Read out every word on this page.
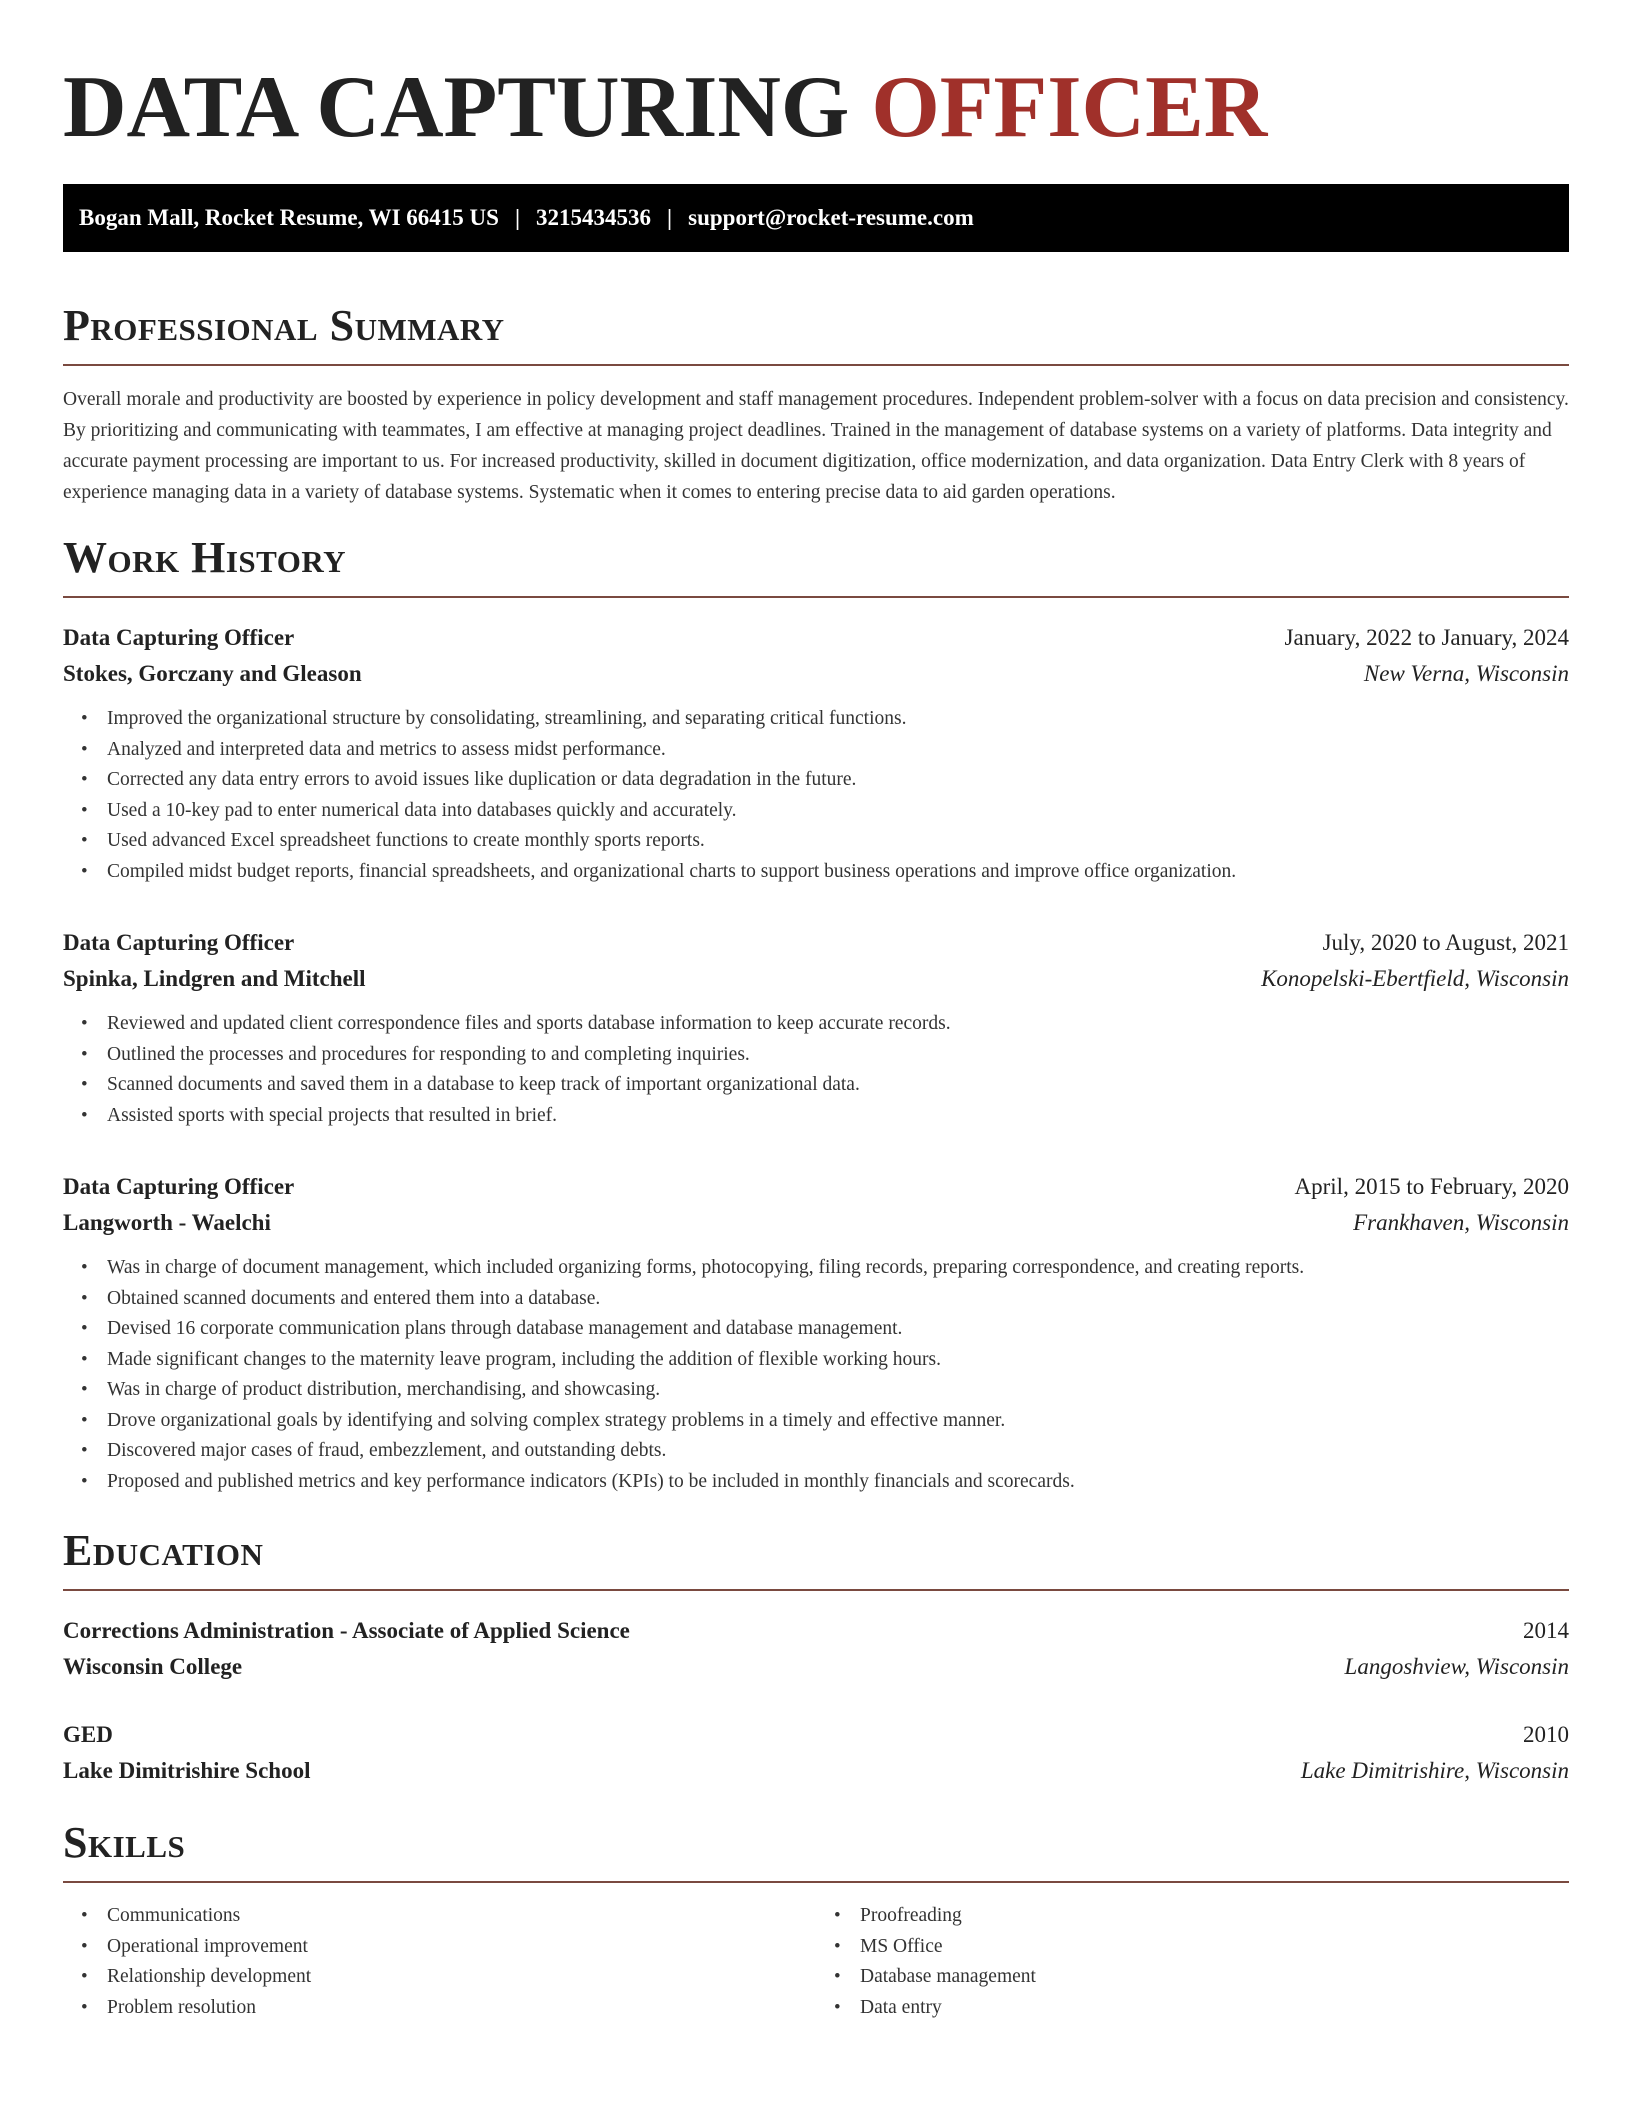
DATA CAPTURING OFFICER
Bogan Mall, Rocket Resume, WI 66415 US | 3215434536 | support@rocket-resume.com
Professional Summary

Overall morale and productivity are boosted by experience in policy development and staff management procedures. Independent problem-solver with a focus on data precision and consistency. By prioritizing and communicating with teammates, I am effective at managing project deadlines. Trained in the management of database systems on a variety of platforms. Data integrity and accurate payment processing are important to us. For increased productivity, skilled in document digitization, office modernization, and data organization. Data Entry Clerk with 8 years of experience managing data in a variety of database systems. Systematic when it comes to entering precise data to aid garden operations.

Work History
Data Capturing Officer	January, 2022 to January, 2024
Stokes, Gorczany and Gleason	New Verna, Wisconsin
• Improved the organizational structure by consolidating, streamlining, and separating critical functions.
• Analyzed and interpreted data and metrics to assess midst performance.
• Corrected any data entry errors to avoid issues like duplication or data degradation in the future.
• Used a 10-key pad to enter numerical data into databases quickly and accurately.
• Used advanced Excel spreadsheet functions to create monthly sports reports.
• Compiled midst budget reports, financial spreadsheets, and organizational charts to support business operations and improve office organization.
Data Capturing Officer	July, 2020 to August, 2021
Spinka, Lindgren and Mitchell	Konopelski-Ebertfield, Wisconsin
• Reviewed and updated client correspondence files and sports database information to keep accurate records.
• Outlined the processes and procedures for responding to and completing inquiries.
• Scanned documents and saved them in a database to keep track of important organizational data.
• Assisted sports with special projects that resulted in brief.
Data Capturing Officer	April, 2015 to February, 2020
Langworth - Waelchi	Frankhaven, Wisconsin
• Was in charge of document management, which included organizing forms, photocopying, filing records, preparing correspondence, and creating reports.
• Obtained scanned documents and entered them into a database.
• Devised 16 corporate communication plans through database management and database management.
• Made significant changes to the maternity leave program, including the addition of flexible working hours.
• Was in charge of product distribution, merchandising, and showcasing.
• Drove organizational goals by identifying and solving complex strategy problems in a timely and effective manner.
• Discovered major cases of fraud, embezzlement, and outstanding debts.
• Proposed and published metrics and key performance indicators (KPIs) to be included in monthly financials and scorecards.
Education
Corrections Administration - Associate of Applied Science	2014
Wisconsin College	Langoshview, Wisconsin
GED	2010
Lake Dimitrishire School	Lake Dimitrishire, Wisconsin
Skills
• Communications
• Operational improvement
• Relationship development
• Problem resolution
• Proofreading
• MS Office
• Database management
• Data entry
